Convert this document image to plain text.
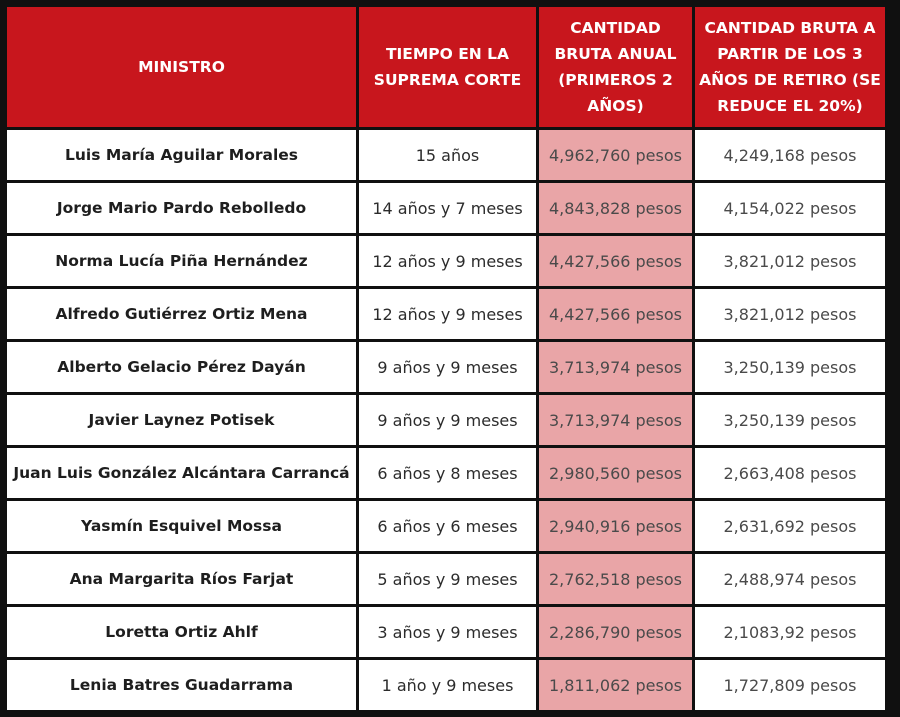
MINISTRO	TIEMPO EN LA SUPREMA CORTE	CANTIDAD BRUTA ANUAL (PRIMEROS 2 AÑOS)	CANTIDAD BRUTA A PARTIR DE LOS 3 AÑOS DE RETIRO (SE REDUCE EL 20%)
Luis María Aguilar Morales	15 años	4,962,760 pesos	4,249,168 pesos
Jorge Mario Pardo Rebolledo	14 años y 7 meses	4,843,828 pesos	4,154,022 pesos
Norma Lucía Piña Hernández	12 años y 9 meses	4,427,566 pesos	3,821,012 pesos
Alfredo Gutiérrez Ortiz Mena	12 años y 9 meses	4,427,566 pesos	3,821,012 pesos
Alberto Gelacio Pérez Dayán	9 años y 9 meses	3,713,974 pesos	3,250,139 pesos
Javier Laynez Potisek	9 años y 9 meses	3,713,974 pesos	3,250,139 pesos
Juan Luis González Alcántara Carrancá	6 años y 8 meses	2,980,560 pesos	2,663,408 pesos
Yasmín Esquivel Mossa	6 años y 6 meses	2,940,916 pesos	2,631,692 pesos
Ana Margarita Ríos Farjat	5 años y 9 meses	2,762,518 pesos	2,488,974 pesos
Loretta Ortiz Ahlf	3 años y 9 meses	2,286,790 pesos	2,1083,92 pesos
Lenia Batres Guadarrama	1 año y 9 meses	1,811,062 pesos	1,727,809 pesos
